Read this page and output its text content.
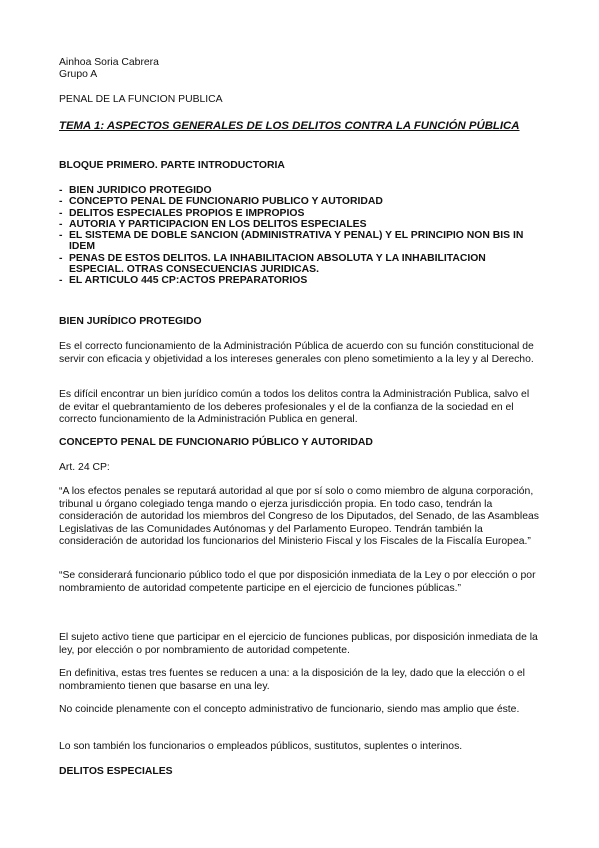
Ainhoa Soria Cabrera

Grupo A

PENAL DE LA FUNCION PUBLICA

TEMA 1: ASPECTOS GENERALES DE LOS DELITOS CONTRA LA FUNCIÓN PÚBLICA

BLOQUE PRIMERO. PARTE INTRODUCTORIA

- BIEN JURIDICO PROTEGIDO
- CONCEPTO PENAL DE FUNCIONARIO PUBLICO Y AUTORIDAD
- DELITOS ESPECIALES PROPIOS E IMPROPIOS
- AUTORIA Y PARTICIPACION EN LOS DELITOS ESPECIALES
- EL SISTEMA DE DOBLE SANCION (ADMINISTRATIVA Y PENAL) Y EL PRINCIPIO NON BIS IN IDEM
- PENAS DE ESTOS DELITOS. LA INHABILITACION ABSOLUTA Y LA INHABILITACION ESPECIAL. OTRAS CONSECUENCIAS JURIDICAS.
- EL ARTICULO 445 CP:ACTOS PREPARATORIOS

BIEN JURÍDICO PROTEGIDO

Es el correcto funcionamiento de la Administración Pública de acuerdo con su función constitucional de servir con eficacia y objetividad a los intereses generales con pleno sometimiento a la ley y al Derecho.

Es difícil encontrar un bien jurídico común a todos los delitos contra la Administración Publica, salvo el de evitar el quebrantamiento de los deberes profesionales y el de la confianza de la sociedad en el correcto funcionamiento de la Administración Publica en general.

CONCEPTO PENAL DE FUNCIONARIO PÚBLICO Y AUTORIDAD

Art. 24 CP:

“A los efectos penales se reputará autoridad al que por sí solo o como miembro de alguna corporación, tribunal u órgano colegiado tenga mando o ejerza jurisdicción propia. En todo caso, tendrán la consideración de autoridad los miembros del Congreso de los Diputados, del Senado, de las Asambleas Legislativas de las Comunidades Autónomas y del Parlamento Europeo. Tendrán también la consideración de autoridad los funcionarios del Ministerio Fiscal y los Fiscales de la Fiscalía Europea.”

“Se considerará funcionario público todo el que por disposición inmediata de la Ley o por elección o por nombramiento de autoridad competente participe en el ejercicio de funciones públicas.”

El sujeto activo tiene que participar en el ejercicio de funciones publicas, por disposición inmediata de la ley, por elección o por nombramiento de autoridad competente.

En definitiva, estas tres fuentes se reducen a una: a la disposición de la ley, dado que la elección o el nombramiento tienen que basarse en una ley.

No coincide plenamente con el concepto administrativo de funcionario, siendo mas amplio que éste.

Lo son también los funcionarios o empleados públicos, sustitutos, suplentes o interinos.

DELITOS ESPECIALES
